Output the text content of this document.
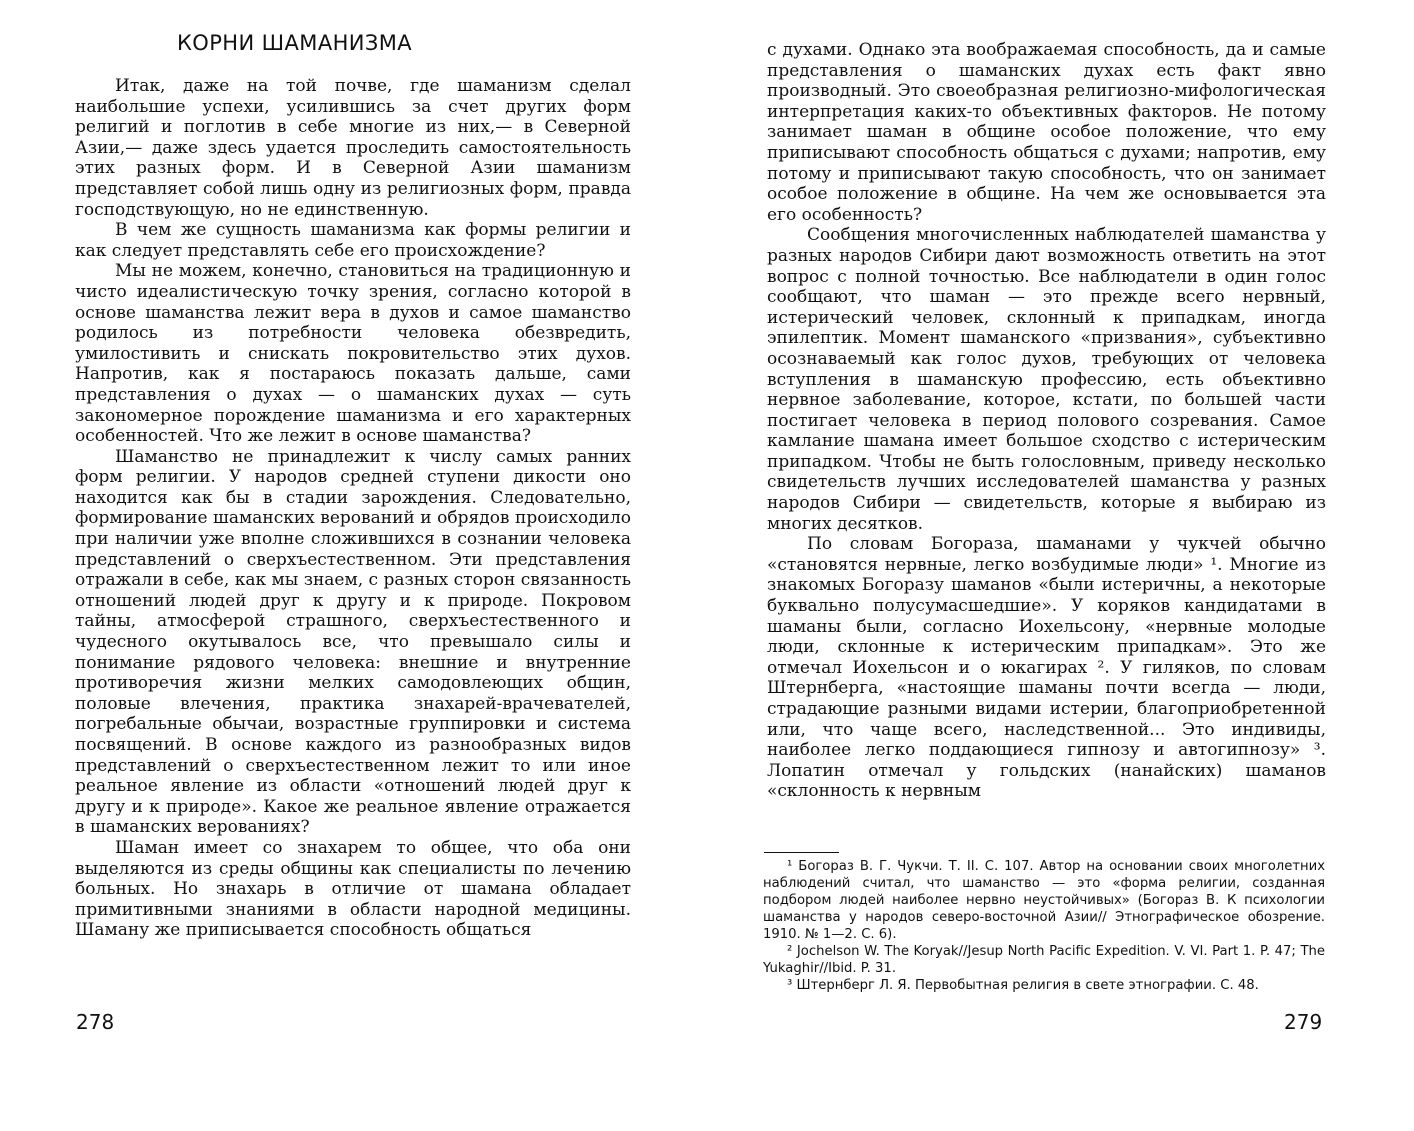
КОРНИ ШАМАНИЗМА

Итак, даже на той почве, где шаманизм сделал наибольшие успехи, усилившись за счет других форм религий и поглотив в себе многие из них,— в Северной Азии,— даже здесь удается проследить самостоятельность этих разных форм. И в Северной Азии шаманизм представляет собой лишь одну из религиозных форм, правда господствующую, но не единственную.

В чем же сущность шаманизма как формы религии и как следует представлять себе его происхождение?

Мы не можем, конечно, становиться на традиционную и чисто идеалистическую точку зрения, согласно которой в основе шаманства лежит вера в духов и самое шаманство родилось из потребности человека обезвредить, умилостивить и снискать покровительство этих духов. Напротив, как я постараюсь показать дальше, сами представления о духах — о шаманских духах — суть закономерное порождение шаманизма и его характерных особенностей. Что же лежит в основе шаманства?

Шаманство не принадлежит к числу самых ранних форм религии. У народов средней ступени дикости оно находится как бы в стадии зарождения. Следовательно, формирование шаманских верований и обрядов происходило при наличии уже вполне сложившихся в сознании человека представлений о сверхъестественном. Эти представления отражали в себе, как мы знаем, с разных сторон связанность отношений людей друг к другу и к природе. Покровом тайны, атмосферой страшного, сверхъестественного и чудесного окутывалось все, что превышало силы и понимание рядового человека: внешние и внутренние противоречия жизни мелких самодовлеющих общин, половые влечения, практика знахарей-врачевателей, погребальные обычаи, возрастные группировки и система посвящений. В основе каждого из разнообразных видов представлений о сверхъестественном лежит то или иное реальное явление из области «отношений людей друг к другу и к природе». Какое же реальное явление отражается в шаманских верованиях?

Шаман имеет со знахарем то общее, что оба они выделяются из среды общины как специалисты по лечению больных. Но знахарь в отличие от шамана обладает примитивными знаниями в области народной медицины. Шаману же приписывается способность общаться

278

с духами. Однако эта воображаемая способность, да и самые представления о шаманских духах есть факт явно производный. Это своеобразная религиозно-мифологическая интерпретация каких-то объективных факторов. Не потому занимает шаман в общине особое положение, что ему приписывают способность общаться с духами; напротив, ему потому и приписывают такую способность, что он занимает особое положение в общине. На чем же основывается эта его особенность?

Сообщения многочисленных наблюдателей шаманства у разных народов Сибири дают возможность ответить на этот вопрос с полной точностью. Все наблюдатели в один голос сообщают, что шаман — это прежде всего нервный, истерический человек, склонный к припадкам, иногда эпилептик. Момент шаманского «призвания», субъективно осознаваемый как голос духов, требующих от человека вступления в шаманскую профессию, есть объективно нервное заболевание, которое, кстати, по большей части постигает человека в период полового созревания. Самое камлание шамана имеет большое сходство с истерическим припадком. Чтобы не быть голословным, приведу несколько свидетельств лучших исследователей шаманства у разных народов Сибири — свидетельств, которые я выбираю из многих десятков.

По словам Богораза, шаманами у чукчей обычно «становятся нервные, легко возбудимые люди» ¹. Многие из знакомых Богоразу шаманов «были истеричны, а некоторые буквально полусумасшедшие». У коряков кандидатами в шаманы были, согласно Иохельсону, «нервные молодые люди, склонные к истерическим припадкам». Это же отмечал Иохельсон и о юкагирах ². У гиляков, по словам Штернберга, «настоящие шаманы почти всегда — люди, страдающие разными видами истерии, благоприобретенной или, что чаще всего, наследственной... Это индивиды, наиболее легко поддающиеся гипнозу и автогипнозу» ³. Лопатин отмечал у гольдских (нанайских) шаманов «склонность к нервным

¹ Богораз В. Г. Чукчи. Т. II. С. 107. Автор на основании своих многолетних наблюдений считал, что шаманство — это «форма религии, созданная подбором людей наиболее нервно неустойчивых» (Богораз В. К психологии шаманства у народов северо-восточной Азии// Этнографическое обозрение. 1910. № 1—2. С. 6).

² Jochelson W. The Koryak//Jesup North Pacific Expedition. V. VI. Part 1. P. 47; The Yukaghir//Ibid. P. 31.

³ Штернберг Л. Я. Первобытная религия в свете этнографии. С. 48.

279
